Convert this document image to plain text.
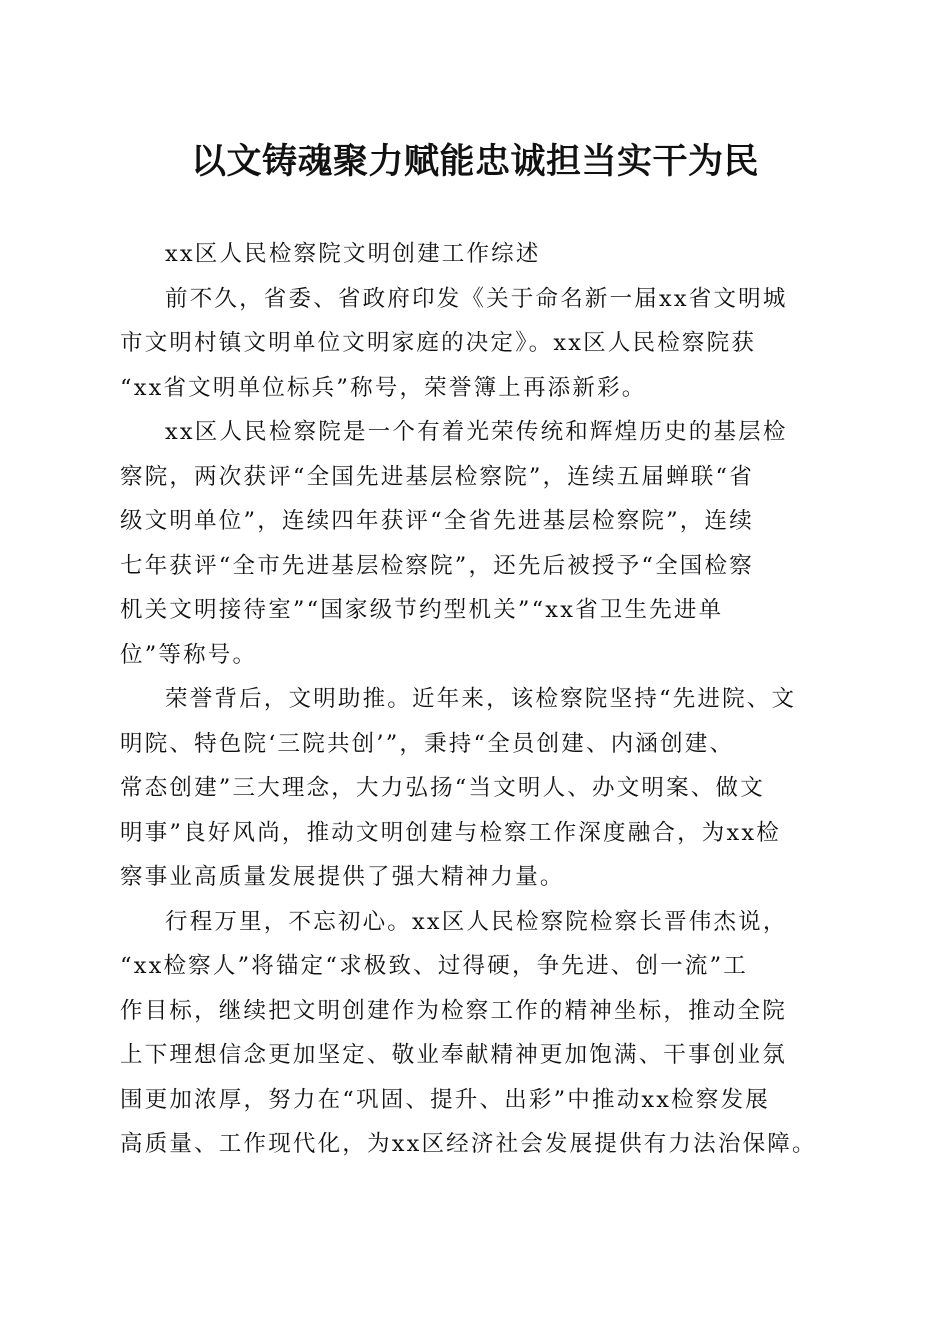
以文铸魂聚力赋能忠诚担当实干为民
xx区人民检察院文明创建工作综述
前不久，省委、省政府印发《关于命名新一届xx省文明城
市文明村镇文明单位文明家庭的决定》。xx区人民检察院获
“xx省文明单位标兵”称号，荣誉簿上再添新彩。
xx区人民检察院是一个有着光荣传统和辉煌历史的基层检
察院，两次获评“全国先进基层检察院”，连续五届蝉联“省
级文明单位”，连续四年获评“全省先进基层检察院”，连续
七年获评“全市先进基层检察院”，还先后被授予“全国检察
机关文明接待室”“国家级节约型机关”“xx省卫生先进单
位”等称号。
荣誉背后，文明助推。近年来，该检察院坚持“先进院、文
明院、特色院‘三院共创’”，秉持“全员创建、内涵创建、
常态创建”三大理念，大力弘扬“当文明人、办文明案、做文
明事”良好风尚，推动文明创建与检察工作深度融合，为xx检
察事业高质量发展提供了强大精神力量。
行程万里，不忘初心。xx区人民检察院检察长晋伟杰说，
“xx检察人”将锚定“求极致、过得硬，争先进、创一流”工
作目标，继续把文明创建作为检察工作的精神坐标，推动全院
上下理想信念更加坚定、敬业奉献精神更加饱满、干事创业氛
围更加浓厚，努力在“巩固、提升、出彩”中推动xx检察发展
高质量、工作现代化，为xx区经济社会发展提供有力法治保障。
